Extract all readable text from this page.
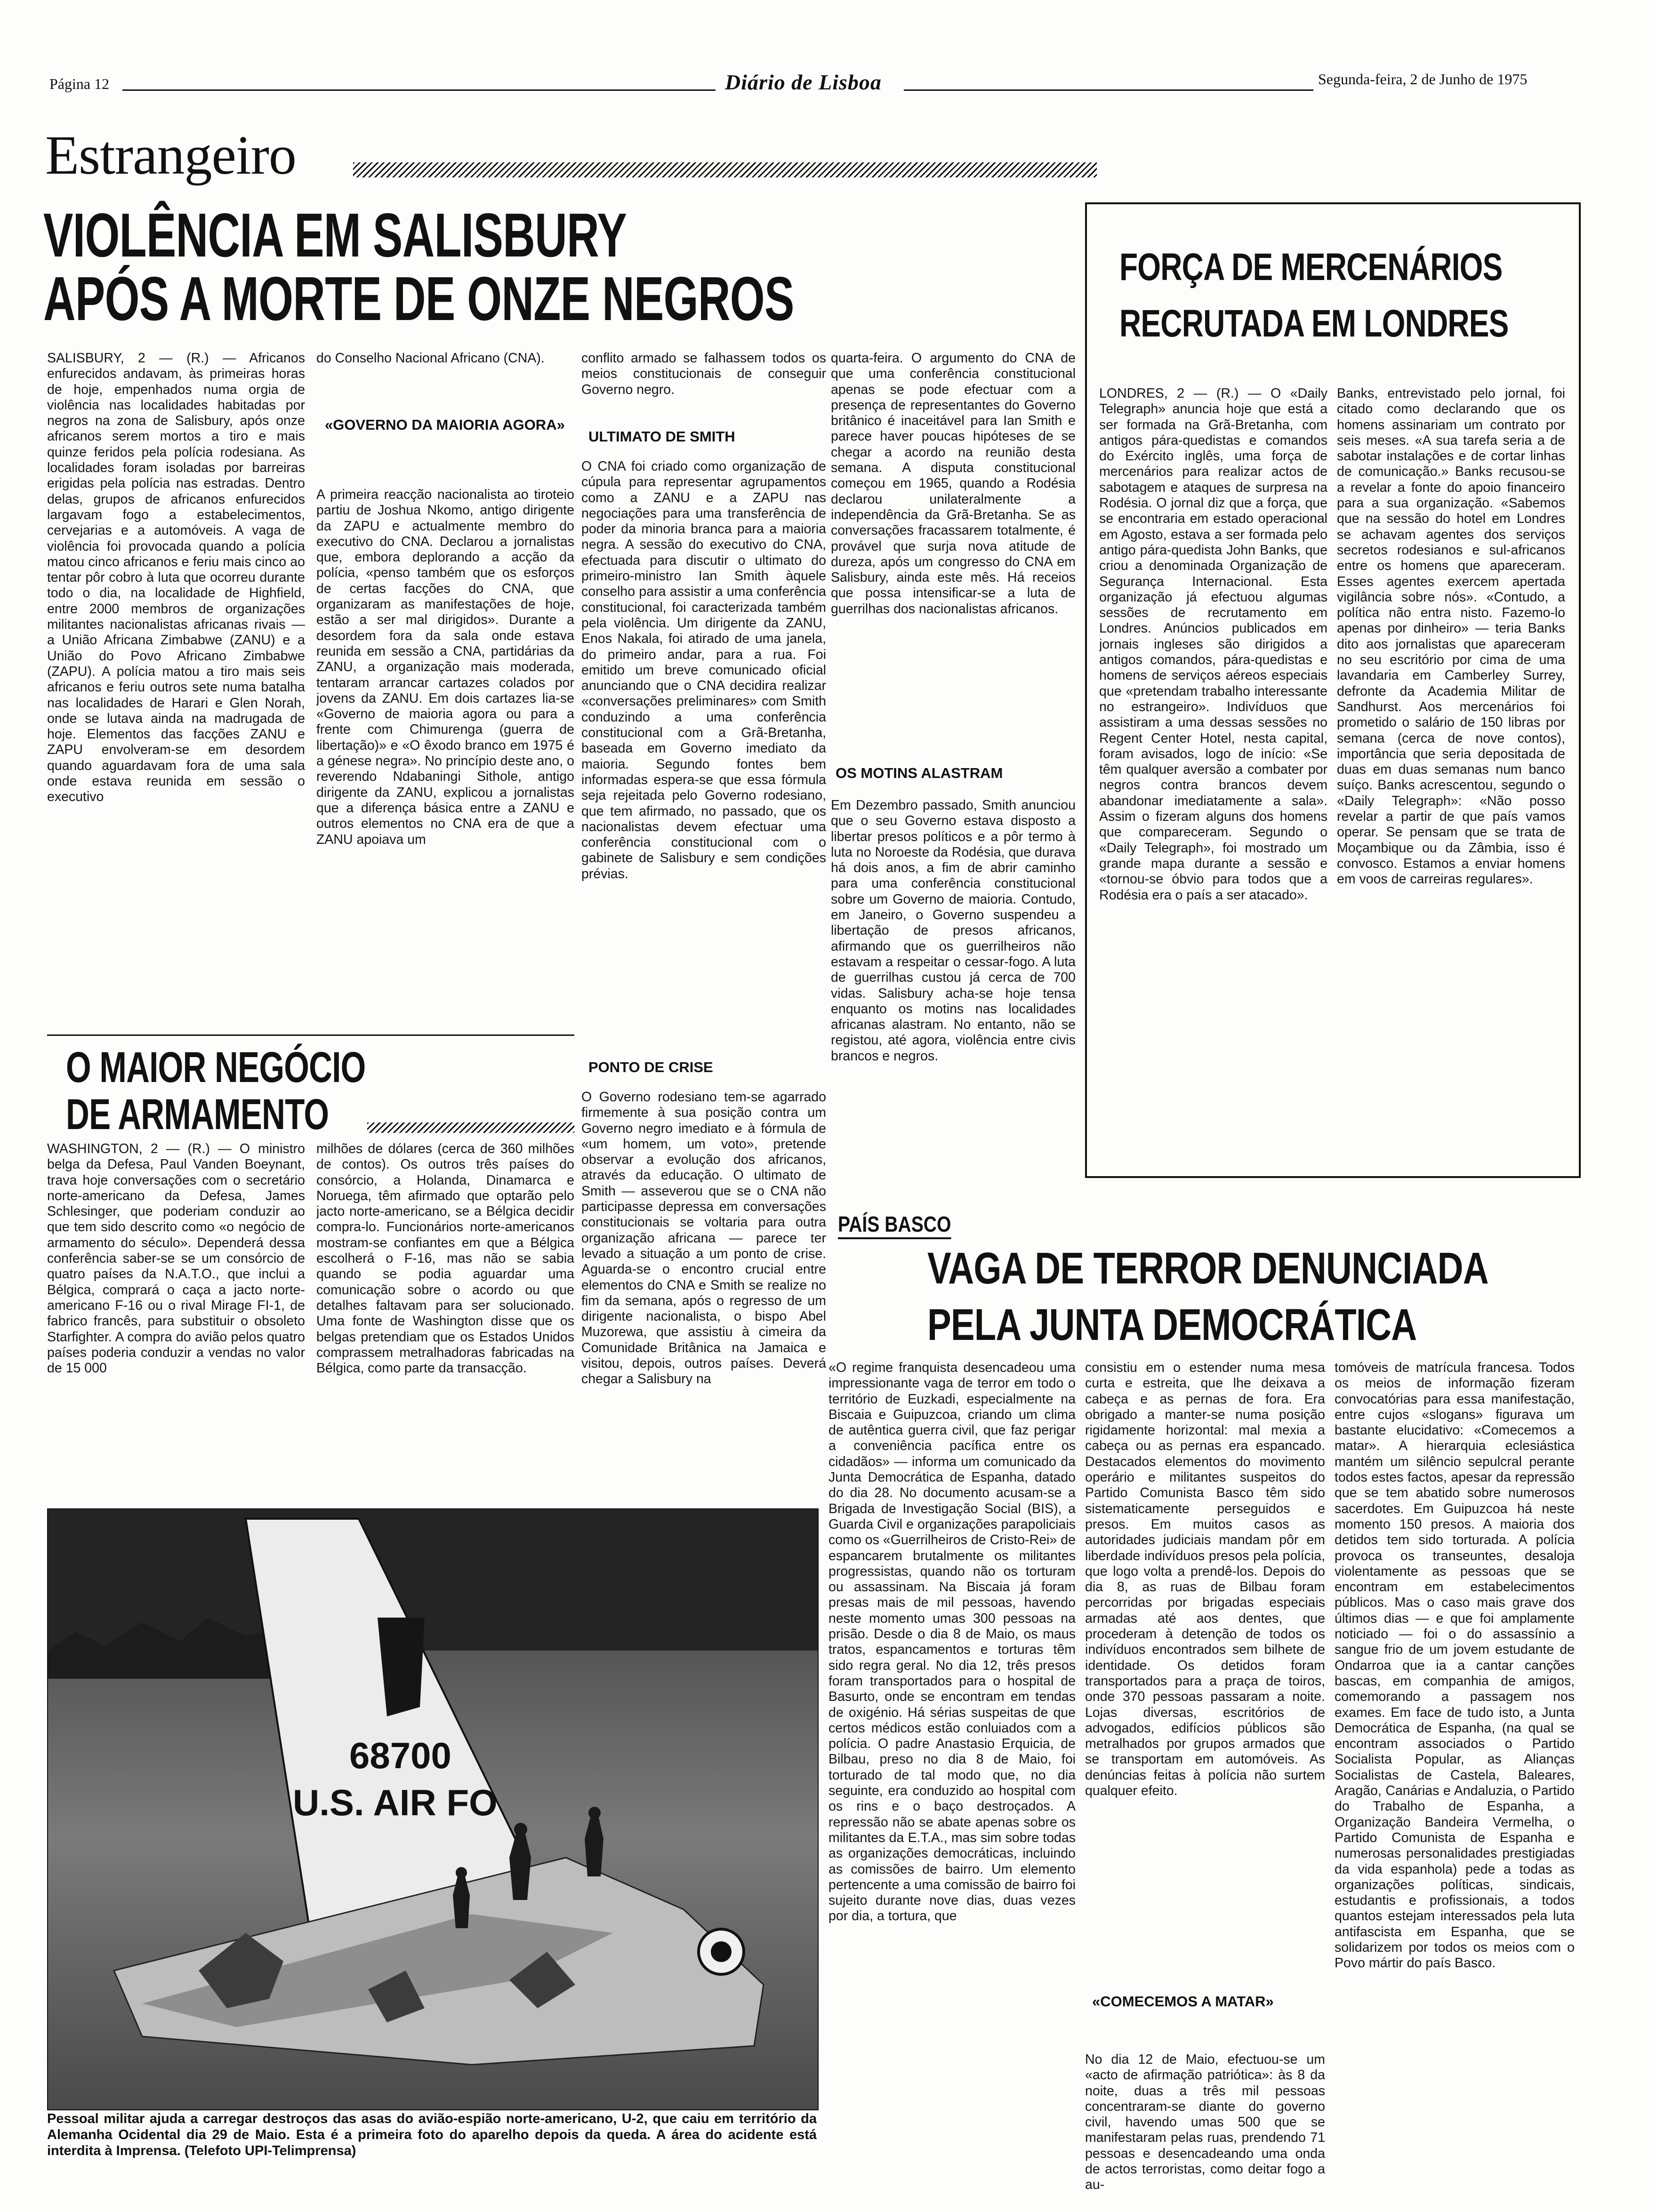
Página 12	Diário de Lisboa	Segunda-feira, 2 de Junho de 1975
Estrangeiro
VIOLÊNCIA EM SALISBURY
APÓS A MORTE DE ONZE NEGROS
SALISBURY, 2 — (R.) — Africanos enfurecidos andavam, às primeiras horas de hoje, empenhados numa orgia de violência nas localidades habitadas por negros na zona de Salisbury, após onze africanos serem mortos a tiro e mais quinze feridos pela polícia rodesiana. As localidades foram isoladas por barreiras erigidas pela polícia nas estradas. Dentro delas, grupos de africanos enfurecidos largavam fogo a estabelecimentos, cervejarias e a automóveis. A vaga de violência foi provocada quando a polícia matou cinco africanos e feriu mais cinco ao tentar pôr cobro à luta que ocorreu durante todo o dia, na localidade de Highfield, entre 2000 membros de organizações militantes nacionalistas africanas rivais — a União Africana Zimbabwe (ZANU) e a União do Povo Africano Zimbabwe (ZAPU). A polícia matou a tiro mais seis africanos e feriu outros sete numa batalha nas localidades de Harari e Glen Norah, onde se lutava ainda na madrugada de hoje. Elementos das facções ZANU e ZAPU envolveram-se em desordem quando aguardavam fora de uma sala onde estava reunida em sessão o executivo
do Conselho Nacional Africano (CNA).
«GOVERNO DA MAIORIA AGORA»
A primeira reacção nacionalista ao tiroteio partiu de Joshua Nkomo, antigo dirigente da ZAPU e actualmente membro do executivo do CNA. Declarou a jornalistas que, embora deplorando a acção da polícia, «penso também que os esforços de certas facções do CNA, que organizaram as manifestações de hoje, estão a ser mal dirigidos». Durante a desordem fora da sala onde estava reunida em sessão a CNA, partidárias da ZANU, a organização mais moderada, tentaram arrancar cartazes colados por jovens da ZANU. Em dois cartazes lia-se «Governo de maioria agora ou para a frente com Chimurenga (guerra de libertação)» e «O êxodo branco em 1975 é a génese negra». No princípio deste ano, o reverendo Ndabaningi Sithole, antigo dirigente da ZANU, explicou a jornalistas que a diferença básica entre a ZANU e outros elementos no CNA era de que a ZANU apoiava um
conflito armado se falhassem todos os meios constitucionais de conseguir Governo negro.
ULTIMATO DE SMITH
O CNA foi criado como organização de cúpula para representar agrupamentos como a ZANU e a ZAPU nas negociações para uma transferência de poder da minoria branca para a maioria negra. A sessão do executivo do CNA, efectuada para discutir o ultimato do primeiro-ministro Ian Smith àquele conselho para assistir a uma conferência constitucional, foi caracterizada também pela violência. Um dirigente da ZANU, Enos Nakala, foi atirado de uma janela, do primeiro andar, para a rua. Foi emitido um breve comunicado oficial anunciando que o CNA decidira realizar «conversações preliminares» com Smith conduzindo a uma conferência constitucional com a Grã-Bretanha, baseada em Governo imediato da maioria. Segundo fontes bem informadas espera-se que essa fórmula seja rejeitada pelo Governo rodesiano, que tem afirmado, no passado, que os nacionalistas devem efectuar uma conferência constitucional com o gabinete de Salisbury e sem condições prévias.
quarta-feira. O argumento do CNA de que uma conferência constitucional apenas se pode efectuar com a presença de representantes do Governo britânico é inaceitável para Ian Smith e parece haver poucas hipóteses de se chegar a acordo na reunião desta semana. A disputa constitucional começou em 1965, quando a Rodésia declarou unilateralmente a independência da Grã-Bretanha. Se as conversações fracassarem totalmente, é provável que surja nova atitude de dureza, após um congresso do CNA em Salisbury, ainda este mês. Há receios que possa intensificar-se a luta de guerrilhas dos nacionalistas africanos.
OS MOTINS ALASTRAM
Em Dezembro passado, Smith anunciou que o seu Governo estava disposto a libertar presos políticos e a pôr termo à luta no Noroeste da Rodésia, que durava há dois anos, a fim de abrir caminho para uma conferência constitucional sobre um Governo de maioria. Contudo, em Janeiro, o Governo suspendeu a libertação de presos africanos, afirmando que os guerrilheiros não estavam a respeitar o cessar-fogo. A luta de guerrilhas custou já cerca de 700 vidas. Salisbury acha-se hoje tensa enquanto os motins nas localidades africanas alastram. No entanto, não se registou, até agora, violência entre civis brancos e negros.
PONTO DE CRISE
O Governo rodesiano tem-se agarrado firmemente à sua posição contra um Governo negro imediato e à fórmula de «um homem, um voto», pretende observar a evolução dos africanos, através da educação. O ultimato de Smith — asseverou que se o CNA não participasse depressa em conversações constitucionais se voltaria para outra organização africana — parece ter levado a situação a um ponto de crise. Aguarda-se o encontro crucial entre elementos do CNA e Smith se realize no fim da semana, após o regresso de um dirigente nacionalista, o bispo Abel Muzorewa, que assistiu à cimeira da Comunidade Britânica na Jamaica e visitou, depois, outros países. Deverá chegar a Salisbury na
O MAIOR NEGÓCIO
DE ARMAMENTO
WASHINGTON, 2 — (R.) — O ministro belga da Defesa, Paul Vanden Boeynant, trava hoje conversações com o secretário norte-americano da Defesa, James Schlesinger, que poderiam conduzir ao que tem sido descrito como «o negócio de armamento do século». Dependerá dessa conferência saber-se se um consórcio de quatro países da N.A.T.O., que inclui a Bélgica, comprará o caça a jacto norte-americano F-16 ou o rival Mirage FI-1, de fabrico francês, para substituir o obsoleto Starfighter. A compra do avião pelos quatro países poderia conduzir a vendas no valor de 15 000
milhões de dólares (cerca de 360 milhões de contos). Os outros três países do consórcio, a Holanda, Dinamarca e Noruega, têm afirmado que optarão pelo jacto norte-americano, se a Bélgica decidir compra-lo. Funcionários norte-americanos mostram-se confiantes em que a Bélgica escolherá o F-16, mas não se sabia quando se podia aguardar uma comunicação sobre o acordo ou que detalhes faltavam para ser solucionado. Uma fonte de Washington disse que os belgas pretendiam que os Estados Unidos comprassem metralhadoras fabricadas na Bélgica, como parte da transacção.
FORÇA DE MERCENÁRIOS
RECRUTADA EM LONDRES
LONDRES, 2 — (R.) — O «Daily Telegraph» anuncia hoje que está a ser formada na Grã-Bretanha, com antigos pára-quedistas e comandos do Exército inglês, uma força de mercenários para realizar actos de sabotagem e ataques de surpresa na Rodésia. O jornal diz que a força, que se encontraria em estado operacional em Agosto, estava a ser formada pelo antigo pára-quedista John Banks, que criou a denominada Organização de Segurança Internacional. Esta organização já efectuou algumas sessões de recrutamento em Londres. Anúncios publicados em jornais ingleses são dirigidos a antigos comandos, pára-quedistas e homens de serviços aéreos especiais que «pretendam trabalho interessante no estrangeiro». Indivíduos que assistiram a uma dessas sessões no Regent Center Hotel, nesta capital, foram avisados, logo de início: «Se têm qualquer aversão a combater por negros contra brancos devem abandonar imediatamente a sala». Assim o fizeram alguns dos homens que compareceram. Segundo o «Daily Telegraph», foi mostrado um grande mapa durante a sessão e «tornou-se óbvio para todos que a Rodésia era o país a ser atacado».
Banks, entrevistado pelo jornal, foi citado como declarando que os homens assinariam um contrato por seis meses. «A sua tarefa seria a de sabotar instalações e de cortar linhas de comunicação.» Banks recusou-se a revelar a fonte do apoio financeiro para a sua organização. «Sabemos que na sessão do hotel em Londres se achavam agentes dos serviços secretos rodesianos e sul-africanos entre os homens que apareceram. Esses agentes exercem apertada vigilância sobre nós». «Contudo, a política não entra nisto. Fazemo-lo apenas por dinheiro» — teria Banks dito aos jornalistas que apareceram no seu escritório por cima de uma lavandaria em Camberley Surrey, defronte da Academia Militar de Sandhurst. Aos mercenários foi prometido o salário de 150 libras por semana (cerca de nove contos), importância que seria depositada de duas em duas semanas num banco suíço. Banks acrescentou, segundo o «Daily Telegraph»: «Não posso revelar a partir de que país vamos operar. Se pensam que se trata de Moçambique ou da Zâmbia, isso é convosco. Estamos a enviar homens em voos de carreiras regulares».
PAÍS BASCO
VAGA DE TERROR DENUNCIADA
PELA JUNTA DEMOCRÁTICA
«O regime franquista desencadeou uma impressionante vaga de terror em todo o território de Euzkadi, especialmente na Biscaia e Guipuzcoa, criando um clima de autêntica guerra civil, que faz perigar a conveniência pacífica entre os cidadãos» — informa um comunicado da Junta Democrática de Espanha, datado do dia 28. No documento acusam-se a Brigada de Investigação Social (BIS), a Guarda Civil e organizações parapoliciais como os «Guerrilheiros de Cristo-Rei» de espancarem brutalmente os militantes progressistas, quando não os torturam ou assassinam. Na Biscaia já foram presas mais de mil pessoas, havendo neste momento umas 300 pessoas na prisão. Desde o dia 8 de Maio, os maus tratos, espancamentos e torturas têm sido regra geral. No dia 12, três presos foram transportados para o hospital de Basurto, onde se encontram em tendas de oxigénio. Há sérias suspeitas de que certos médicos estão conluiados com a polícia. O padre Anastasio Erquicia, de Bilbau, preso no dia 8 de Maio, foi torturado de tal modo que, no dia seguinte, era conduzido ao hospital com os rins e o baço destroçados. A repressão não se abate apenas sobre os militantes da E.T.A., mas sim sobre todas as organizações democráticas, incluindo as comissões de bairro. Um elemento pertencente a uma comissão de bairro foi sujeito durante nove dias, duas vezes por dia, a tortura, que
consistiu em o estender numa mesa curta e estreita, que lhe deixava a cabeça e as pernas de fora. Era obrigado a manter-se numa posição rigidamente horizontal: mal mexia a cabeça ou as pernas era espancado. Destacados elementos do movimento operário e militantes suspeitos do Partido Comunista Basco têm sido sistematicamente perseguidos e presos. Em muitos casos as autoridades judiciais mandam pôr em liberdade indivíduos presos pela polícia, que logo volta a prendê-los. Depois do dia 8, as ruas de Bilbau foram percorridas por brigadas especiais armadas até aos dentes, que procederam à detenção de todos os indivíduos encontrados sem bilhete de identidade. Os detidos foram transportados para a praça de toiros, onde 370 pessoas passaram a noite. Lojas diversas, escritórios de advogados, edifícios públicos são metralhados por grupos armados que se transportam em automóveis. As denúncias feitas à polícia não surtem qualquer efeito.
«COMECEMOS A MATAR»
No dia 12 de Maio, efectuou-se um «acto de afirmação patriótica»: às 8 da noite, duas a três mil pessoas concentraram-se diante do governo civil, havendo umas 500 que se manifestaram pelas ruas, prendendo 71 pessoas e desencadeando uma onda de actos terroristas, como deitar fogo a au-
tomóveis de matrícula francesa. Todos os meios de informação fizeram convocatórias para essa manifestação, entre cujos «slogans» figurava um bastante elucidativo: «Comecemos a matar». A hierarquia eclesiástica mantém um silêncio sepulcral perante todos estes factos, apesar da repressão que se tem abatido sobre numerosos sacerdotes. Em Guipuzcoa há neste momento 150 presos. A maioria dos detidos tem sido torturada. A polícia provoca os transeuntes, desaloja violentamente as pessoas que se encontram em estabelecimentos públicos. Mas o caso mais grave dos últimos dias — e que foi amplamente noticiado — foi o do assassínio a sangue frio de um jovem estudante de Ondarroa que ia a cantar canções bascas, em companhia de amigos, comemorando a passagem nos exames. Em face de tudo isto, a Junta Democrática de Espanha, (na qual se encontram associados o Partido Socialista Popular, as Alianças Socialistas de Castela, Baleares, Aragão, Canárias e Andaluzia, o Partido do Trabalho de Espanha, a Organização Bandeira Vermelha, o Partido Comunista de Espanha e numerosas personalidades prestigiadas da vida espanhola) pede a todas as organizações políticas, sindicais, estudantis e profissionais, a todos quantos estejam interessados pela luta antifascista em Espanha, que se solidarizem por todos os meios com o Povo mártir do país Basco.
68700
U.S. AIR FO
Pessoal militar ajuda a carregar destroços das asas do avião-espião norte-americano, U-2, que caiu em território da Alemanha Ocidental dia 29 de Maio. Esta é a primeira foto do aparelho depois da queda. A área do acidente está interdita à Imprensa. (Telefoto UPI-Telimprensa)
